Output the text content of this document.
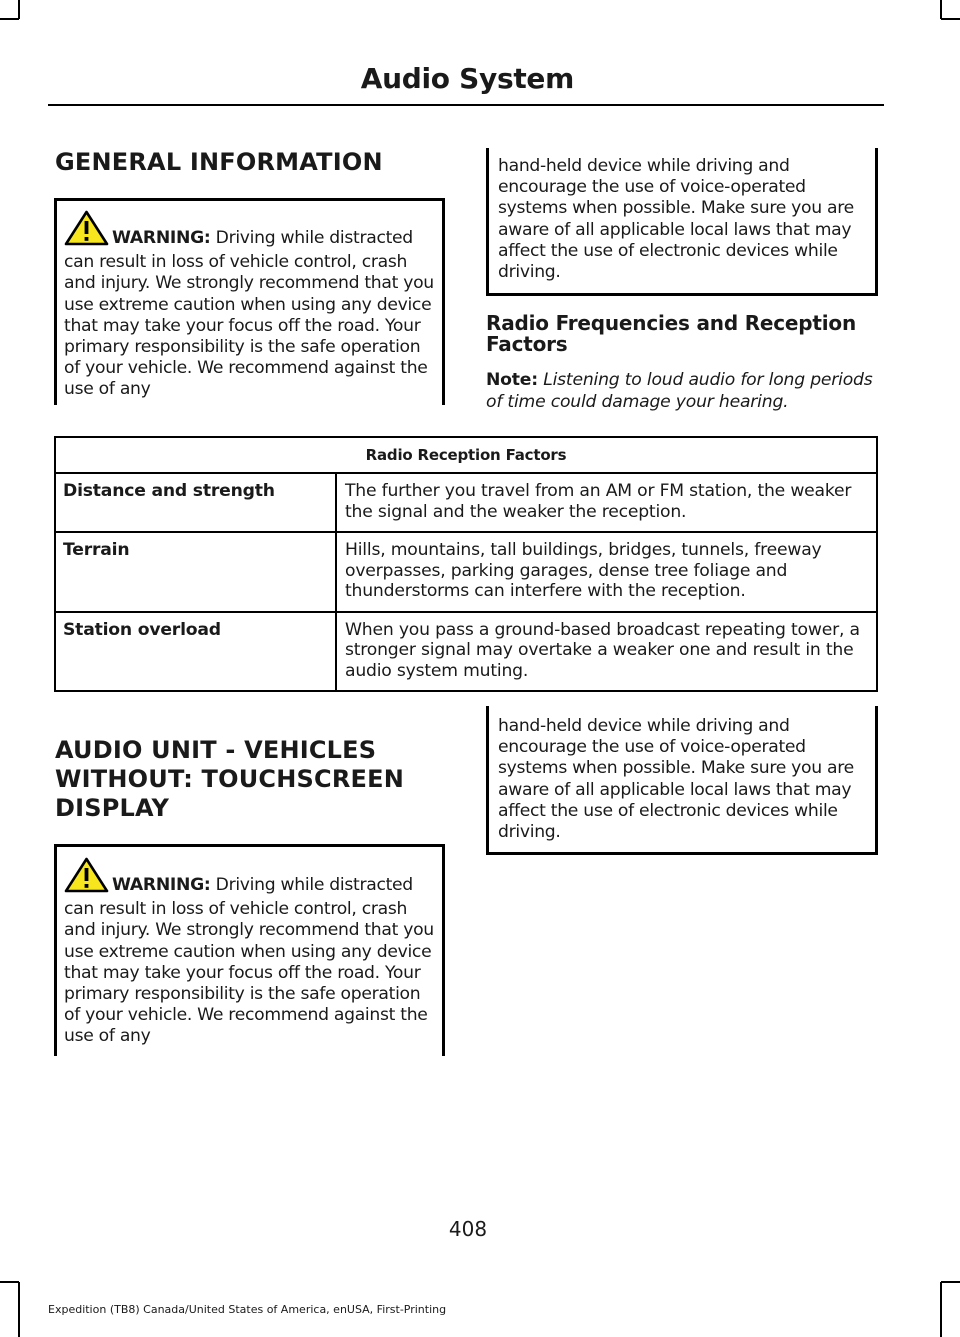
Audio System
GENERAL INFORMATION
WARNING: Driving while distracted can result in loss of vehicle control, crash and injury. We strongly recommend that you use extreme caution when using any device that may take your focus off the road. Your primary responsibility is the safe operation of your vehicle. We recommend against the use of any
hand-held device while driving and encourage the use of voice-operated systems when possible. Make sure you are aware of all applicable local laws that may affect the use of electronic devices while driving.
Radio Frequencies and Reception Factors
Note: Listening to loud audio for long periods of time could damage your hearing.
Radio Reception Factors	
Distance and strength	The further you travel from an AM or FM station, the weaker the signal and the weaker the reception.
Terrain	Hills, mountains, tall buildings, bridges, tunnels, freeway overpasses, parking garages, dense tree foliage and thunderstorms can interfere with the reception.
Station overload	When you pass a ground-based broadcast repeating tower, a stronger signal may overtake a weaker one and result in the audio system muting.
AUDIO UNIT - VEHICLES
WITHOUT: TOUCHSCREEN
DISPLAY
WARNING: Driving while distracted can result in loss of vehicle control, crash and injury. We strongly recommend that you use extreme caution when using any device that may take your focus off the road. Your primary responsibility is the safe operation of your vehicle. We recommend against the use of any
hand-held device while driving and encourage the use of voice-operated systems when possible. Make sure you are aware of all applicable local laws that may affect the use of electronic devices while driving.
408
Expedition (TB8) Canada/United States of America, enUSA, First-Printing
